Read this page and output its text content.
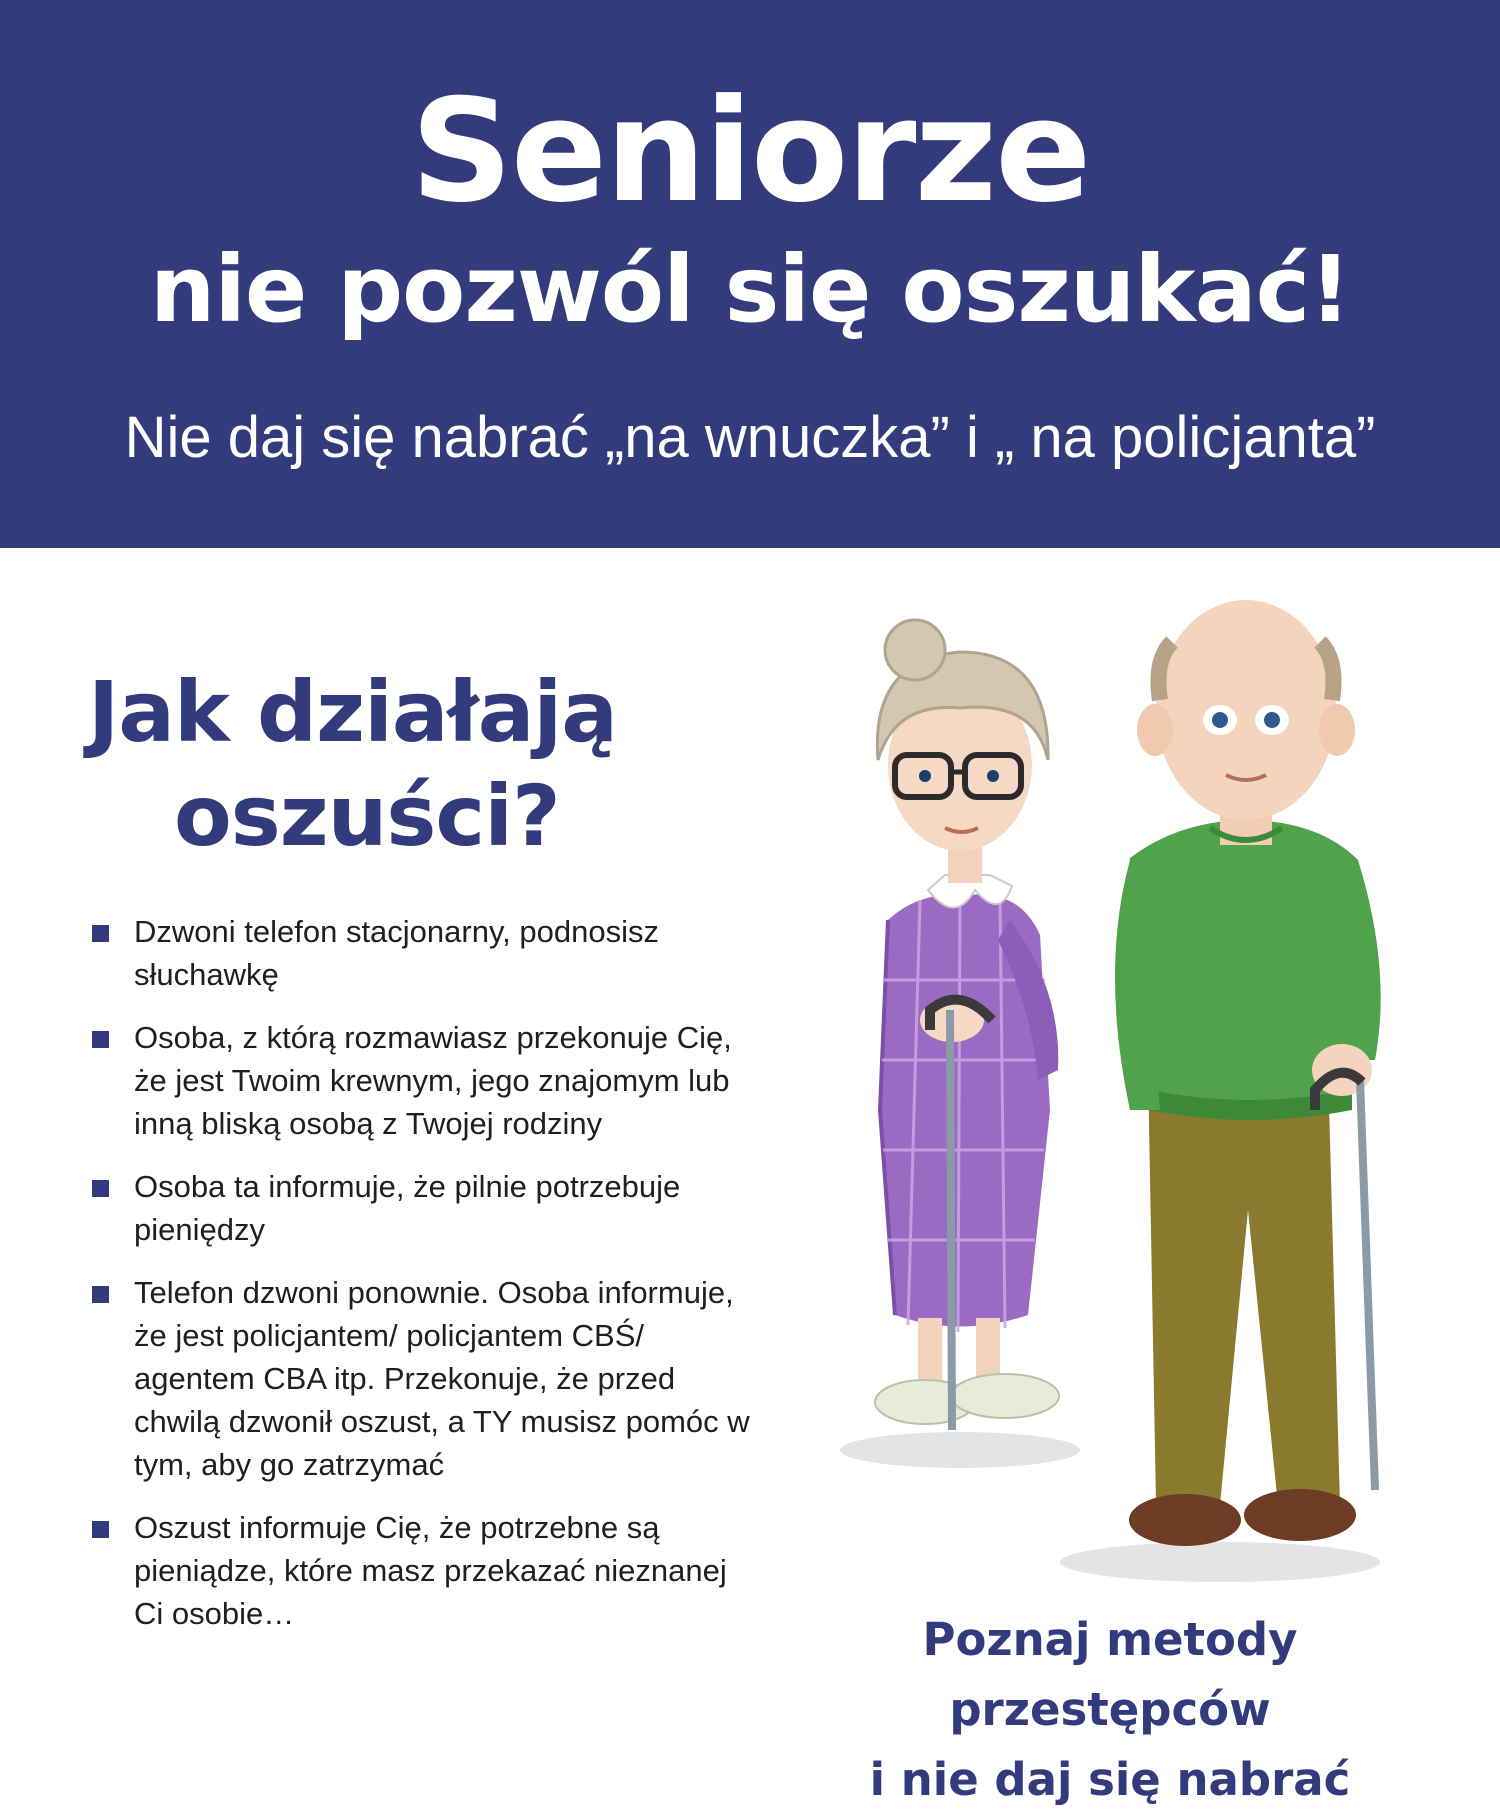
Seniorze
nie pozwól się oszukać!
Nie daj się nabrać „na wnuczka” i „ na policjanta”
Jak działają
oszuści?
Dzwoni telefon stacjonarny, podnosisz słuchawkę
Osoba, z którą rozmawiasz przekonuje Cię, że jest Twoim krewnym, jego znajomym lub inną bliską osobą z Twojej rodziny
Osoba ta informuje, że pilnie potrzebuje pieniędzy
Telefon dzwoni ponownie. Osoba informuje, że jest policjantem/ policjantem CBŚ/ agentem CBA itp. Przekonuje, że przed chwilą dzwonił oszust, a TY musisz pomóc w tym, aby go zatrzymać
Oszust informuje Cię, że potrzebne są pieniądze, które masz przekazać nieznanej Ci osobie…	Poznaj metody przestępców
i nie daj się nabrać
